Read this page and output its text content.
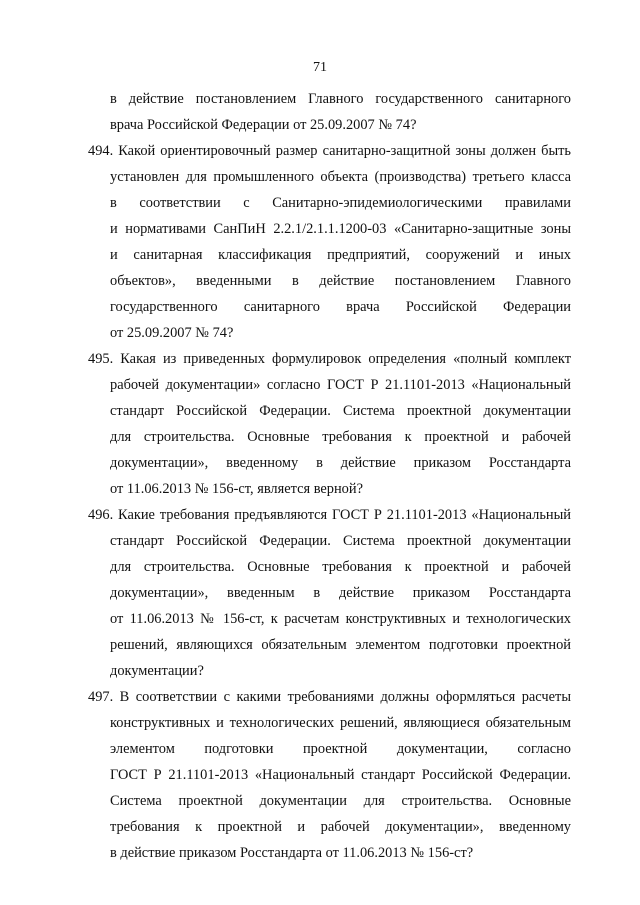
71
в действие постановлением Главного государственного санитарного
врача Российской Федерации от 25.09.2007 № 74?
494. Какой ориентировочный размер санитарно-защитной зоны должен быть
установлен для промышленного объекта (производства) третьего класса
в соответствии с Санитарно-эпидемиологическими правилами
и нормативами СанПиН 2.2.1/2.1.1.1200-03 «Санитарно-защитные зоны
и санитарная классификация предприятий, сооружений и иных
объектов», введенными в действие постановлением Главного
государственного санитарного врача Российской Федерации
от 25.09.2007 № 74?
495. Какая из приведенных формулировок определения «полный комплект
рабочей документации» согласно ГОСТ Р 21.1101-2013 «Национальный
стандарт Российской Федерации. Система проектной документации
для строительства. Основные требования к проектной и рабочей
документации», введенному в действие приказом Росстандарта
от 11.06.2013 № 156-ст, является верной?
496. Какие требования предъявляются ГОСТ Р 21.1101-2013 «Национальный
стандарт Российской Федерации. Система проектной документации
для строительства. Основные требования к проектной и рабочей
документации», введенным в действие приказом Росстандарта
от 11.06.2013 № 156-ст, к расчетам конструктивных и технологических
решений, являющихся обязательным элементом подготовки проектной
документации?
497. В соответствии с какими требованиями должны оформляться расчеты
конструктивных и технологических решений, являющиеся обязательным
элементом подготовки проектной документации, согласно
ГОСТ Р 21.1101-2013 «Национальный стандарт Российской Федерации.
Система проектной документации для строительства. Основные
требования к проектной и рабочей документации», введенному
в действие приказом Росстандарта от 11.06.2013 № 156-ст?
